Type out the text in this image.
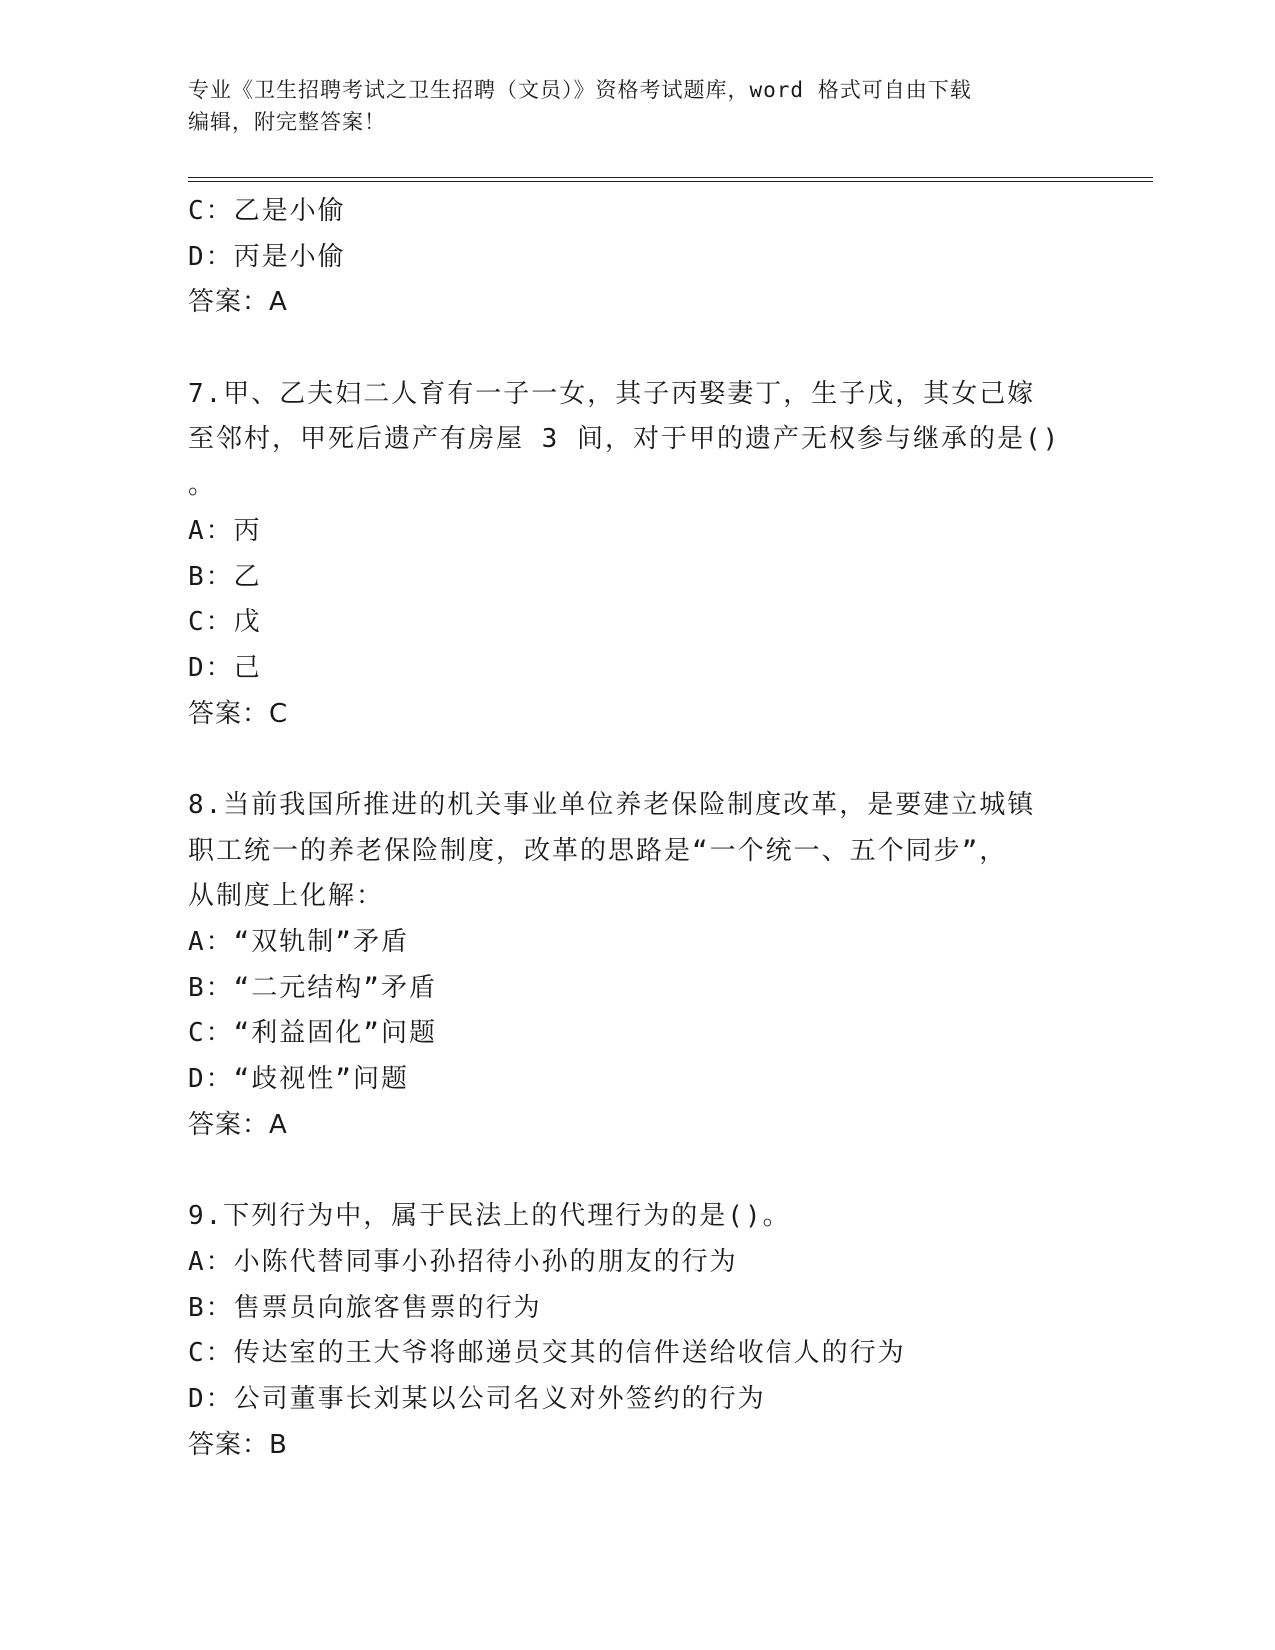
专业《卫生招聘考试之卫生招聘（文员）》资格考试题库，word 格式可自由下载
编辑，附完整答案！
C：乙是小偷
D：丙是小偷
答案：A
7.甲、乙夫妇二人育有一子一女，其子丙娶妻丁，生子戊，其女己嫁
至邻村，甲死后遗产有房屋 3 间，对于甲的遗产无权参与继承的是()
。
A：丙
B：乙
C：戊
D：己
答案：C
8.当前我国所推进的机关事业单位养老保险制度改革，是要建立城镇
职工统一的养老保险制度，改革的思路是“一个统一、五个同步”，
从制度上化解：
A：“双轨制”矛盾
B：“二元结构”矛盾
C：“利益固化”问题
D：“歧视性”问题
答案：A
9.下列行为中，属于民法上的代理行为的是()。
A：小陈代替同事小孙招待小孙的朋友的行为
B：售票员向旅客售票的行为
C：传达室的王大爷将邮递员交其的信件送给收信人的行为
D：公司董事长刘某以公司名义对外签约的行为
答案：B
